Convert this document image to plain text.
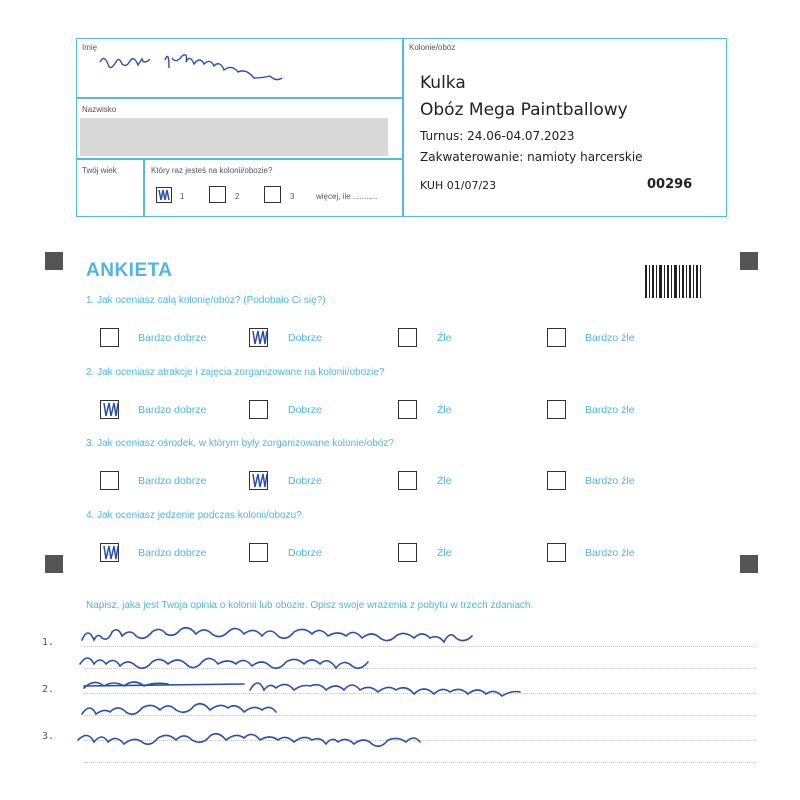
Imię
Nazwisko
Twój wiek	Który raz jesteś na kolonii/obozie?
Kolonie/obóz
1	2	3	więcej, ile ...........
Kulka
Obóz Mega Paintballowy
Turnus: 24.06-04.07.2023
Zakwaterowanie: namioty harcerskie
KUH 01/07/23	00296
ANKIETA
1. Jak oceniasz całą kolonię/obóz? (Podobało Ci się?)
Bardzo dobrze	Dobrze	Źle	Bardzo źle
2. Jak oceniasz atrakcje i zajęcia zorganizowane na kolonii/obozie?
Bardzo dobrze	Dobrze	Źle	Bardzo źle
3. Jak oceniasz ośrodek, w którym były zorganizowane kolonie/obóz?
Bardzo dobrze	Dobrze	Źle	Bardzo źle
4. Jak oceniasz jedzenie podczas kolonii/obozu?
Bardzo dobrze	Dobrze	Źle	Bardzo źle
Napisz, jaka jest Twoja opinia o kolonii lub obozie. Opisz swoje wrażenia z pobytu w trzech zdaniach.
1.
2.
3.
